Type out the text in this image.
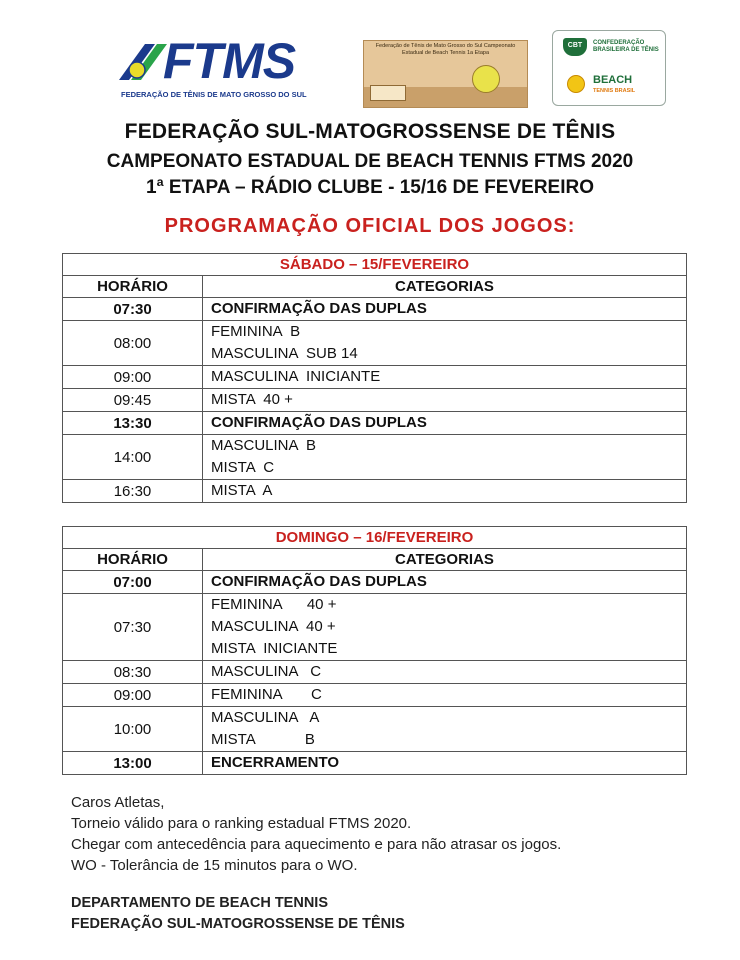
FTMS
FEDERAÇÃO DE TÊNIS DE MATO GROSSO DO SUL
Federação de Tênis de Mato Grosso do Sul Campeonato Estadual de Beach Tennis 1a Etapa
CBT	CONFEDERAÇÃO BRASILEIRA DE TÊNIS
BEACH
TENNIS BRASIL
FEDERAÇÃO SUL-MATOGROSSENSE DE TÊNIS
CAMPEONATO ESTADUAL DE BEACH TENNIS FTMS 2020
1ª ETAPA – RÁDIO CLUBE - 15/16 DE FEVEREIRO
PROGRAMAÇÃO OFICIAL DOS JOGOS:
SÁBADO – 15/FEVEREIRO	
HORÁRIO	CATEGORIAS
07:30	CONFIRMAÇÃO DAS DUPLAS

08:00	FEMININA  B
MASCULINA  SUB 14

09:00	MASCULINA  INICIANTE

09:45	MISTA  40 +

13:30	CONFIRMAÇÃO DAS DUPLAS

14:00	MASCULINA  B
MISTA  C

16:30	MISTA  A
DOMINGO – 16/FEVEREIRO	
HORÁRIO	CATEGORIAS
07:00	CONFIRMAÇÃO DAS DUPLAS

07:30	FEMININA      40 +
MASCULINA  40 +
MISTA  INICIANTE

08:30	MASCULINA   C

09:00	FEMININA       C

10:00	MASCULINA   A
MISTA            B

13:00	ENCERRAMENTO

Caros Atletas,

Torneio válido para o ranking estadual FTMS 2020.

Chegar com antecedência para aquecimento e para não atrasar os jogos.

WO - Tolerância de 15 minutos para o WO.

DEPARTAMENTO DE BEACH TENNIS

FEDERAÇÃO SUL-MATOGROSSENSE DE TÊNIS
